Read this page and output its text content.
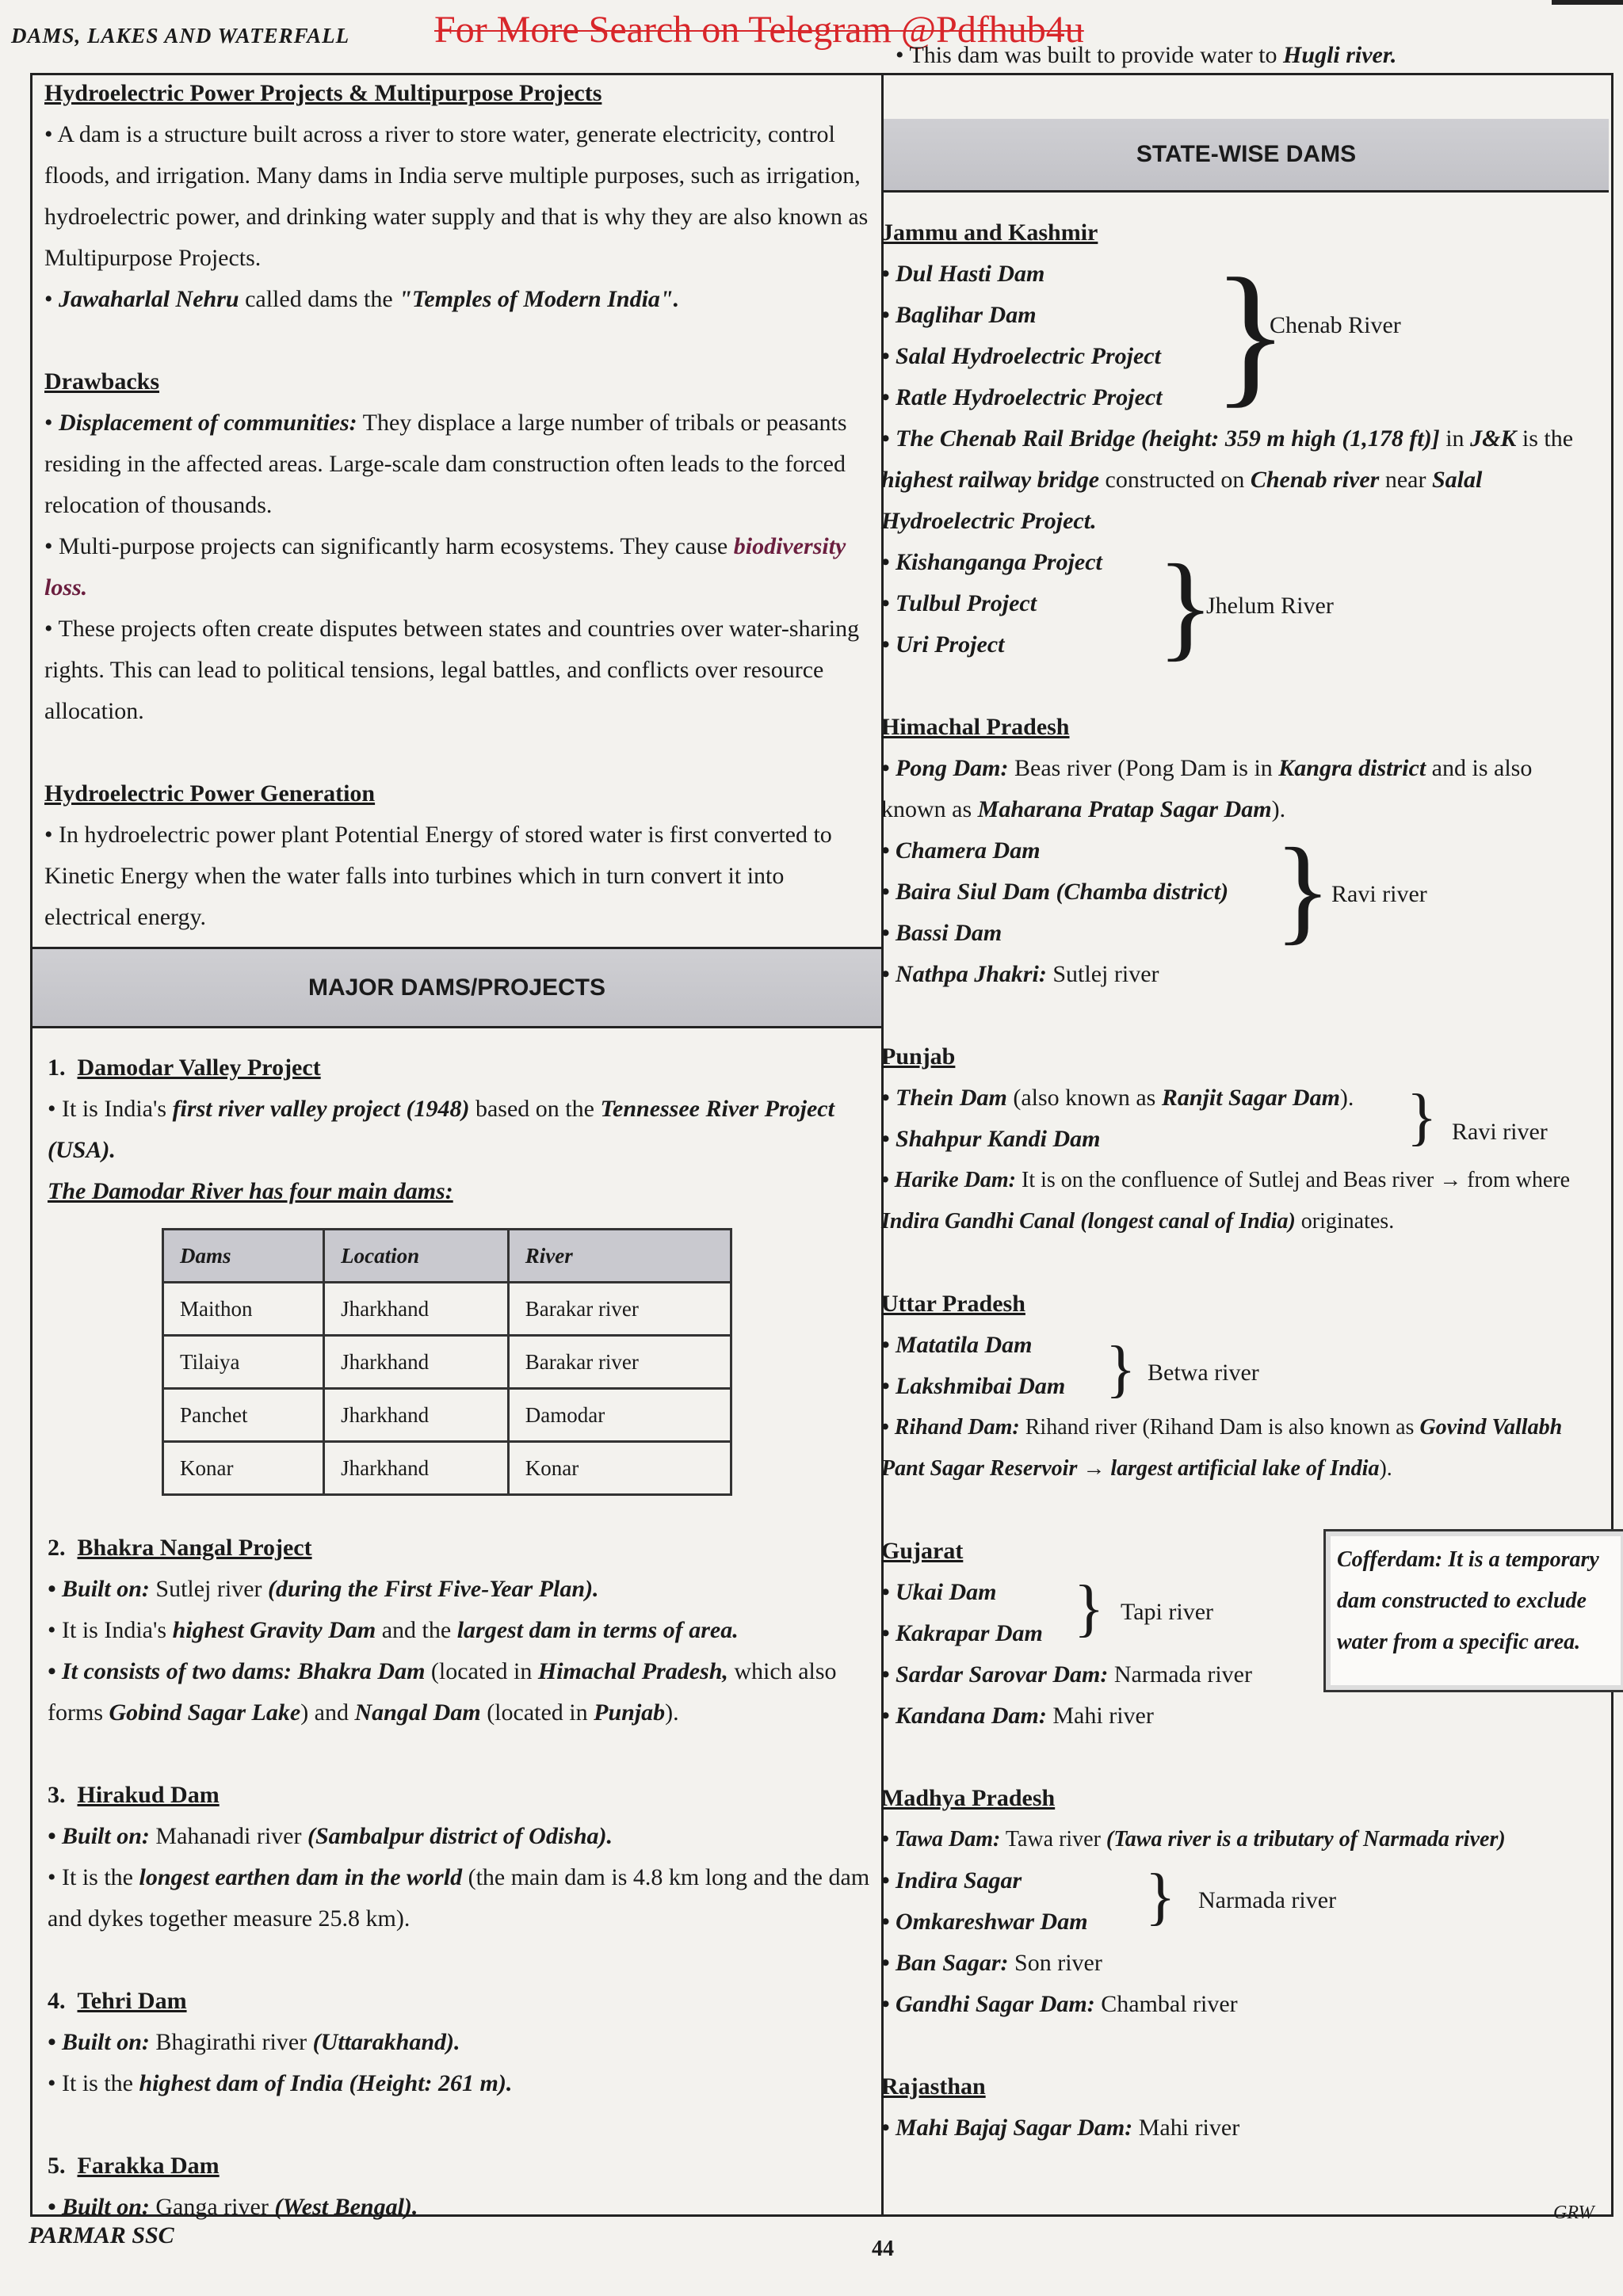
DAMS, LAKES AND WATERFALL For More Search on Telegram @Pdfhub4u
MAJOR DAMS/PROJECTS
STATE-WISE DAMS
Hydroelectric Power Projects & Multipurpose Projects

• A dam is a structure built across a river to store water, generate electricity, control floods, and irrigation. Many dams in India serve multiple purposes, such as irrigation, hydroelectric power, and drinking water supply and that is why they are also known as Multipurpose Projects.

• Jawaharlal Nehru called dams the "Temples of Modern India".

Drawbacks

• Displacement of communities: They displace a large number of tribals or peasants residing in the affected areas. Large-scale dam construction often leads to the forced relocation of thousands.

• Multi-purpose projects can significantly harm ecosystems. They cause biodiversity loss.

• These projects often create disputes between states and countries over water-sharing rights. This can lead to political tensions, legal battles, and conflicts over resource allocation.

Hydroelectric Power Generation

• In hydroelectric power plant Potential Energy of stored water is first converted to Kinetic Energy when the water falls into turbines which in turn convert it into electrical energy.

1. Damodar Valley Project

• It is India's first river valley project (1948) based on the Tennessee River Project (USA).

The Damodar River has four main dams:

Dams	Location	River
Maithon	Jharkhand	Barakar river
Tilaiya	Jharkhand	Barakar river
Panchet	Jharkhand	Damodar
Konar	Jharkhand	Konar
2. Bhakra Nangal Project

• Built on: Sutlej river (during the First Five-Year Plan).

• It is India's highest Gravity Dam and the largest dam in terms of area.

• It consists of two dams: Bhakra Dam (located in Himachal Pradesh, which also forms Gobind Sagar Lake) and Nangal Dam (located in Punjab).

3. Hirakud Dam

• Built on: Mahanadi river (Sambalpur district of Odisha).

• It is the longest earthen dam in the world (the main dam is 4.8 km long and the dam and dykes together measure 25.8 km).

4. Tehri Dam

• Built on: Bhagirathi river (Uttarakhand).

• It is the highest dam of India (Height: 261 m).

5. Farakka Dam

• Built on: Ganga river (West Bengal).

• This dam was built to provide water to Hugli river.

Jammu and Kashmir
• Dul Hasti Dam
• Baglihar Dam
• Salal Hydroelectric Project
• Ratle Hydroelectric Project

• The Chenab Rail Bridge (height: 359 m high (1,178 ft)] in J&K is the highest railway bridge constructed on Chenab river near Salal Hydroelectric Project.

• Kishanganga Project
• Tulbul Project
• Uri Project
Himachal Pradesh

• Pong Dam: Beas river (Pong Dam is in Kangra district and is also known as Maharana Pratap Sagar Dam).

• Chamera Dam
• Baira Siul Dam (Chamba district)
• Bassi Dam

• Nathpa Jhakri: Sutlej river

Punjab

• Thein Dam (also known as Ranjit Sagar Dam).

• Shahpur Kandi Dam

• Harike Dam: It is on the confluence of Sutlej and Beas river → from where Indira Gandhi Canal (longest canal of India) originates.

Uttar Pradesh
• Matatila Dam
• Lakshmibai Dam

• Rihand Dam: Rihand river (Rihand Dam is also known as Govind Vallabh Pant Sagar Reservoir → largest artificial lake of India).

Gujarat
• Ukai Dam
• Kakrapar Dam

• Sardar Sarovar Dam: Narmada river

• Kandana Dam: Mahi river

Madhya Pradesh

• Tawa Dam: Tawa river (Tawa river is a tributary of Narmada river)

• Indira Sagar
• Omkareshwar Dam

• Ban Sagar: Son river

• Gandhi Sagar Dam: Chambal river

Rajasthan

• Mahi Bajaj Sagar Dam: Mahi river

}
Chenab River
}
Jhelum River
} Ravi river
} Ravi river
} Betwa river
} Tapi river
} Narmada river
Cofferdam: It is a temporary dam constructed to exclude water from a specific area.
PARMAR SSC
44
GRW
